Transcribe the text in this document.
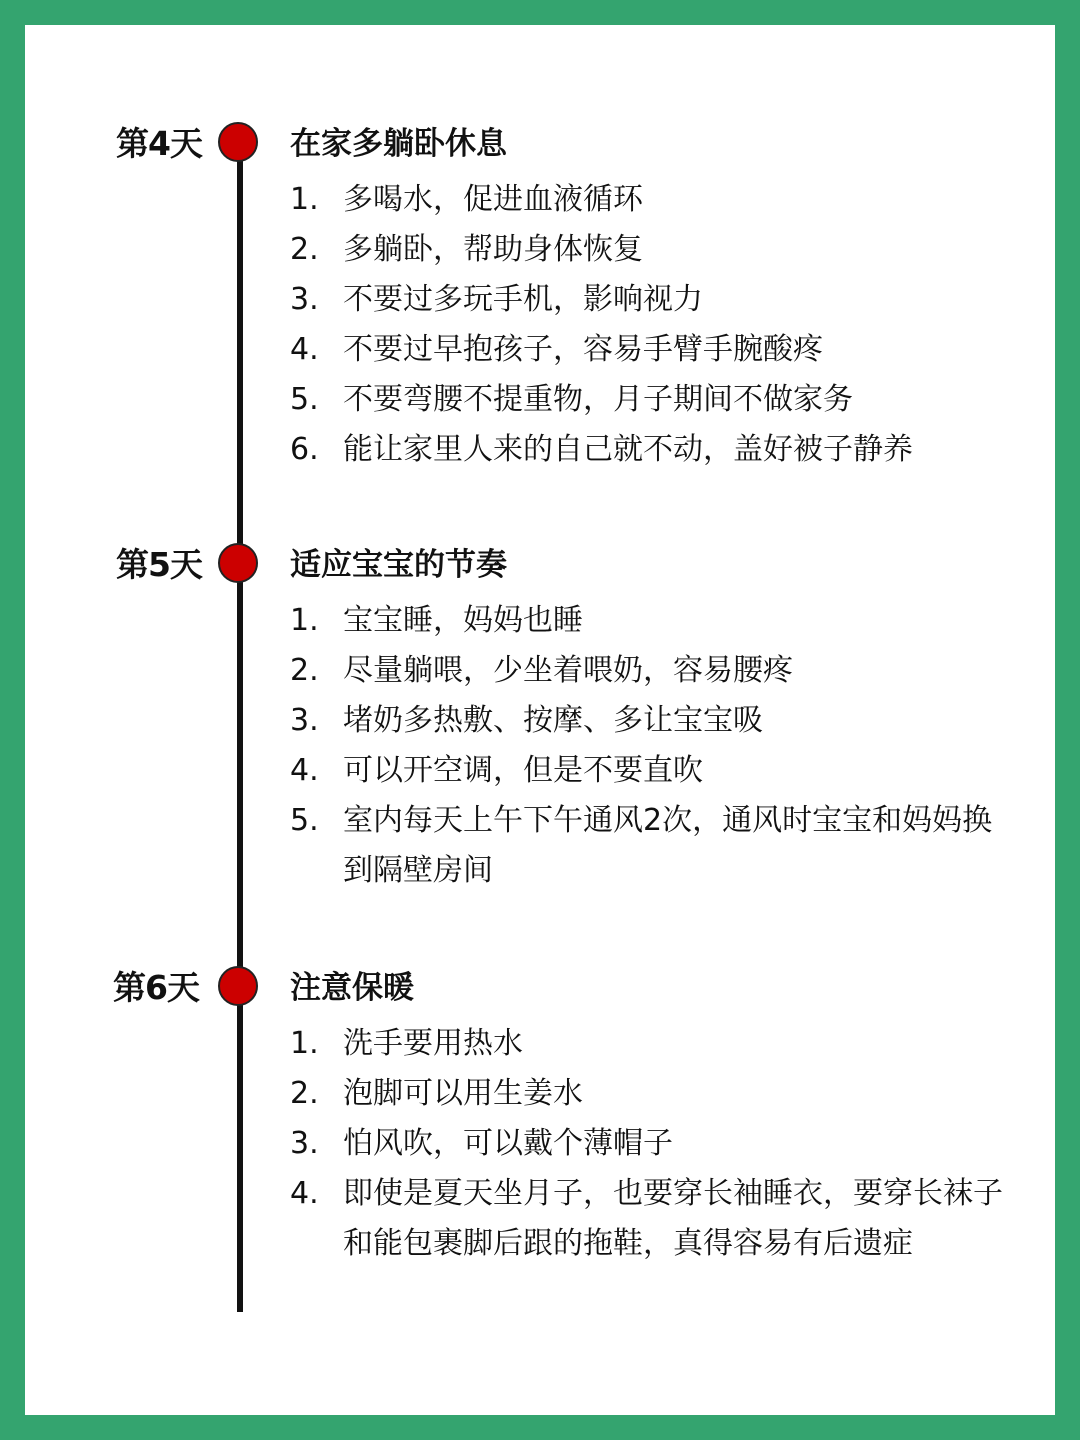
第4天	在家多躺卧休息
1. 多喝水，促进血液循环
2. 多躺卧，帮助身体恢复
3. 不要过多玩手机，影响视力
4. 不要过早抱孩子，容易手臂手腕酸疼
5. 不要弯腰不提重物，月子期间不做家务
6. 能让家里人来的自己就不动，盖好被子静养
第5天	适应宝宝的节奏
1. 宝宝睡，妈妈也睡
2. 尽量躺喂，少坐着喂奶，容易腰疼
3. 堵奶多热敷、按摩、多让宝宝吸
4. 可以开空调，但是不要直吹
5. 室内每天上午下午通风2次，通风时宝宝和妈妈换到隔壁房间
第6天	注意保暖
1. 洗手要用热水
2. 泡脚可以用生姜水
3. 怕风吹，可以戴个薄帽子
4. 即使是夏天坐月子，也要穿长袖睡衣，要穿长袜子和能包裹脚后跟的拖鞋，真得容易有后遗症
